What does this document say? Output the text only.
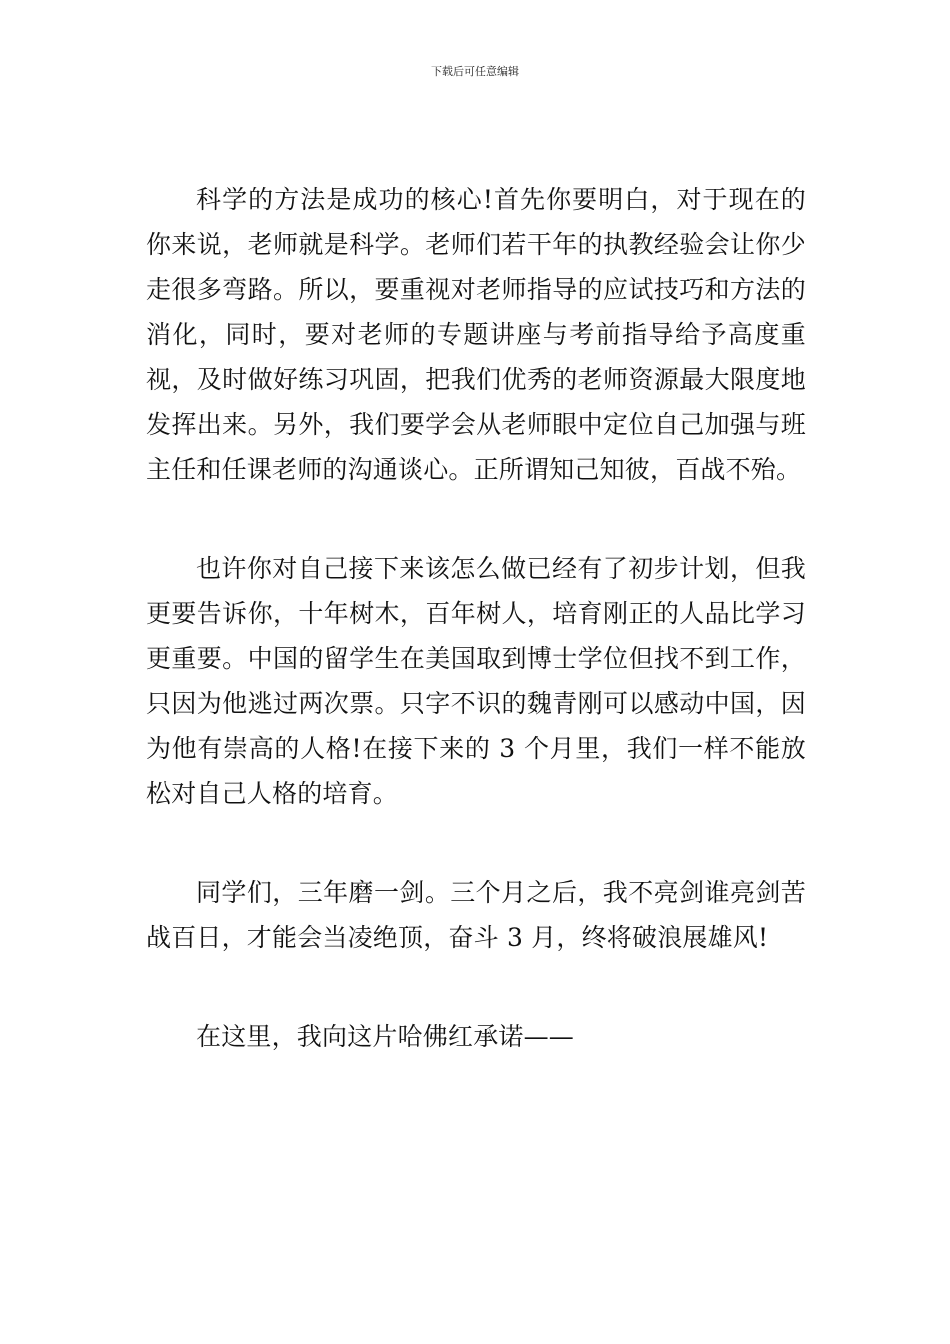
下载后可任意编辑

科学的方法是成功的核心!首先你要明白，对于现在的你来说，老师就是科学。老师们若干年的执教经验会让你少走很多弯路。所以，要重视对老师指导的应试技巧和方法的消化，同时，要对老师的专题讲座与考前指导给予高度重视，及时做好练习巩固，把我们优秀的老师资源最大限度地发挥出来。另外，我们要学会从老师眼中定位自己加强与班主任和任课老师的沟通谈心。正所谓知己知彼，百战不殆。

也许你对自己接下来该怎么做已经有了初步计划，但我更要告诉你，十年树木，百年树人，培育刚正的人品比学习更重要。中国的留学生在美国取到博士学位但找不到工作，只因为他逃过两次票。只字不识的魏青刚可以感动中国，因为他有崇高的人格!在接下来的 3 个月里，我们一样不能放松对自己人格的培育。

同学们，三年磨一剑。三个月之后，我不亮剑谁亮剑苦战百日，才能会当凌绝顶，奋斗 3 月，终将破浪展雄风!

在这里，我向这片哈佛红承诺——
